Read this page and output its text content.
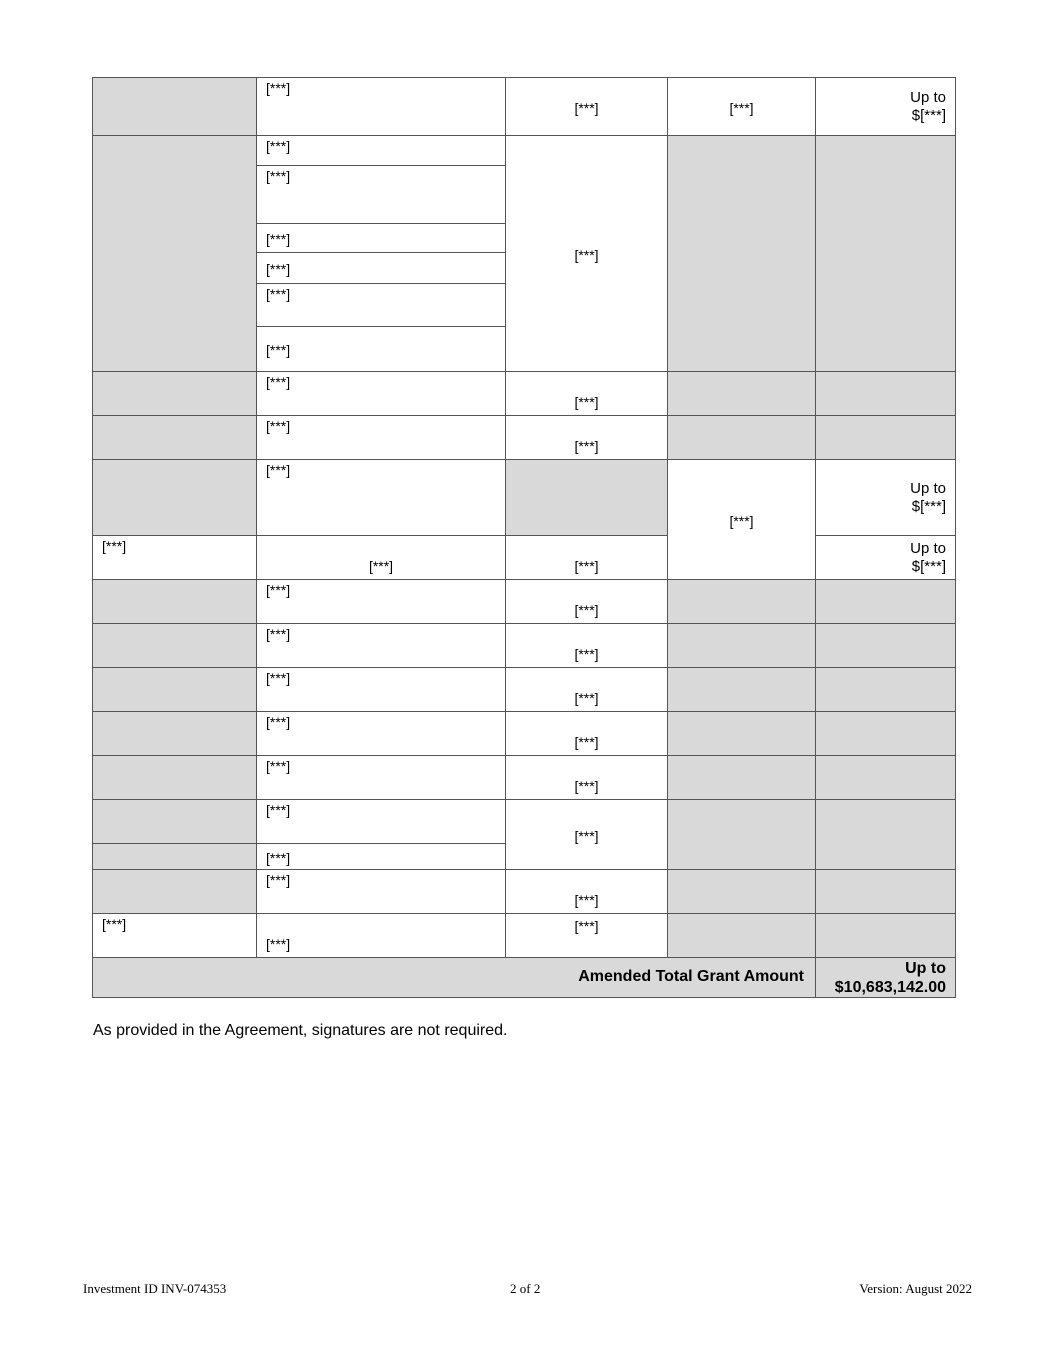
	[***]	[***]	[***]	Up to
$[***]

	[***]	[***]		

	[***]			

	[***]			

	[***]			

	[***]			

	[***]			

	[***]	[***]		

	[***]	[***]		

	[***]		[***]	Up to
$[***]

[***]	[***]	[***]		Up to
$[***]

	[***]	[***]		

	[***]	[***]		

	[***]	[***]		

	[***]	[***]		

	[***]	[***]		

	[***]	[***]		

	[***]			

	[***]	[***]		

[***]	[***]	[***]		

Amended Total Grant Amount				Up to
$10,683,142.00
As provided in the Agreement, signatures are not required.
Investment ID INV-074353	2 of 2	Version: August 2022
